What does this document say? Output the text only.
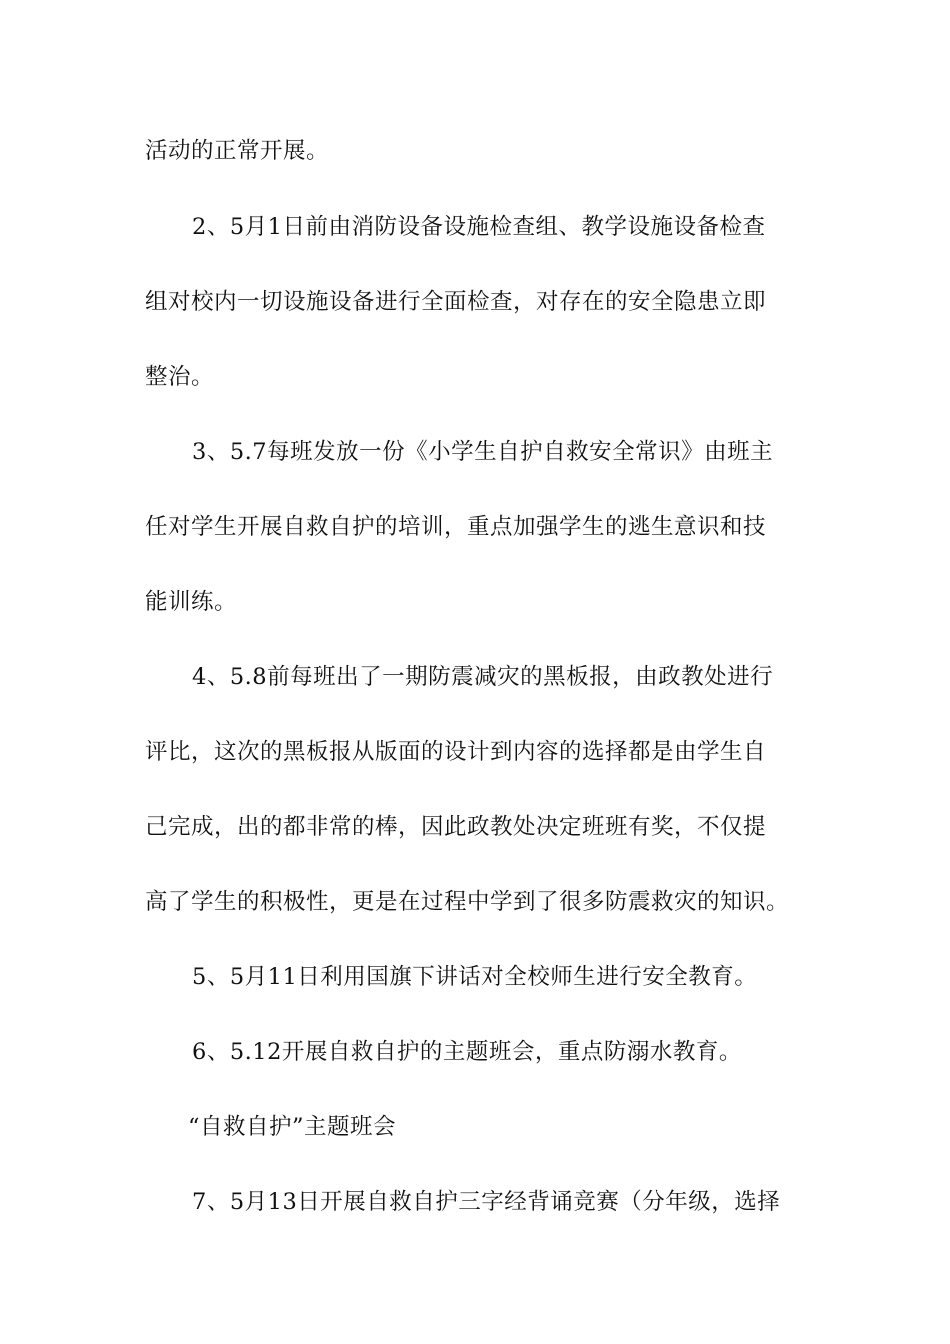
活动的正常开展。
2、5月1日前由消防设备设施检查组、教学设施设备检查
组对校内一切设施设备进行全面检查，对存在的安全隐患立即
整治。
3、5.7每班发放一份《小学生自护自救安全常识》由班主
任对学生开展自救自护的培训，重点加强学生的逃生意识和技
能训练。
4、5.8前每班出了一期防震减灾的黑板报，由政教处进行
评比，这次的黑板报从版面的设计到内容的选择都是由学生自
己完成，出的都非常的棒，因此政教处决定班班有奖，不仅提
高了学生的积极性，更是在过程中学到了很多防震救灾的知识。
5、5月11日利用国旗下讲话对全校师生进行安全教育。
6、5.12开展自救自护的主题班会，重点防溺水教育。
“自救自护”主题班会
7、5月13日开展自救自护三字经背诵竞赛（分年级，选择
